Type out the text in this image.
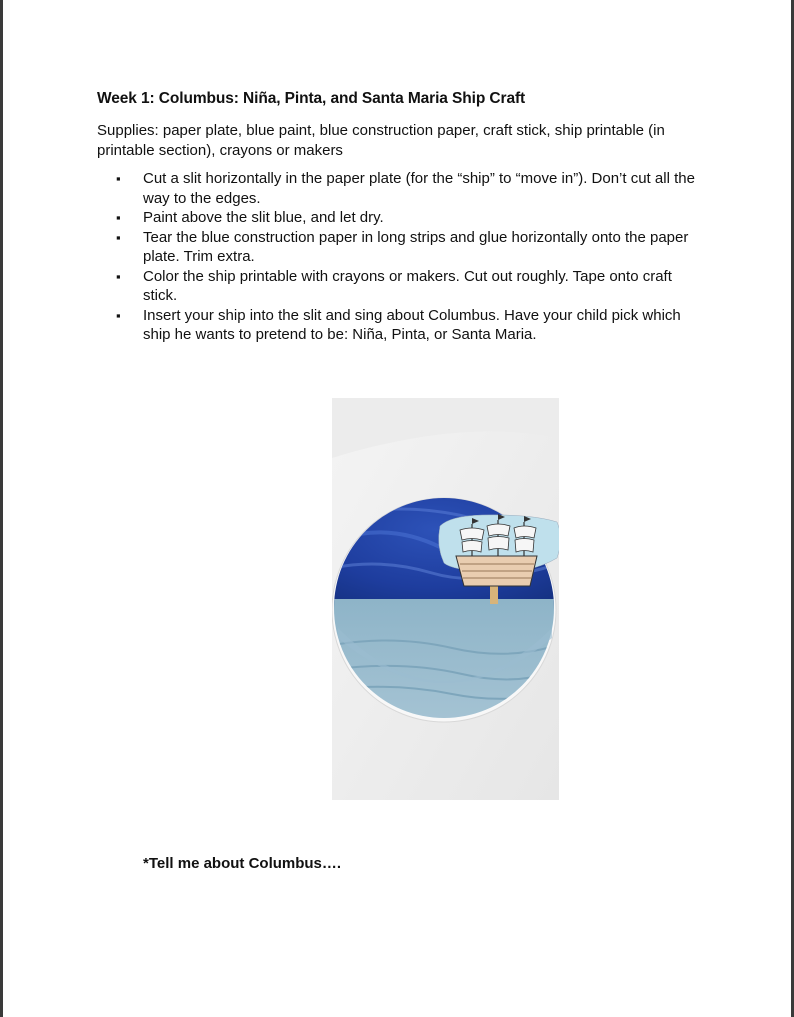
Week 1: Columbus: Niña, Pinta, and Santa Maria Ship Craft
Supplies: paper plate, blue paint, blue construction paper, craft stick, ship printable (in printable section), crayons or makers
▪ Cut a slit horizontally in the paper plate (for the “ship” to “move in”). Don’t cut all the way to the edges.
▪ Paint above the slit blue, and let dry.
▪ Tear the blue construction paper in long strips and glue horizontally onto the paper plate. Trim extra.
▪ Color the ship printable with crayons or makers. Cut out roughly. Tape onto craft stick.
▪ Insert your ship into the slit and sing about Columbus. Have your child pick which ship he wants to pretend to be: Niña, Pinta, or Santa Maria.
*Tell me about Columbus….
